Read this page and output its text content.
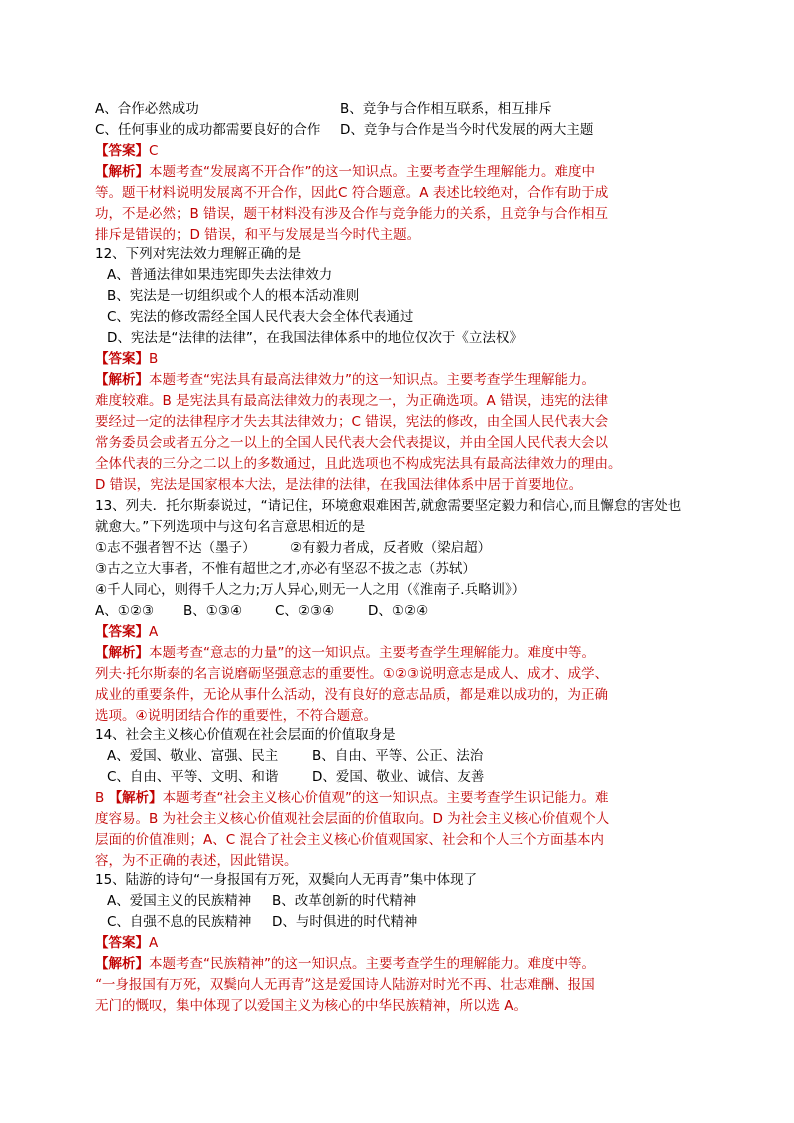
A、合作必然成功	B、竞争与合作相互联系，相互排斥
C、任何事业的成功都需要良好的合作 D、竞争与合作是当今时代发展的两大主题
【答案】C
【解析】本题考查“发展离不开合作”的这一知识点。主要考查学生理解能力。难度中
等。题干材料说明发展离不开合作，因此C 符合题意。A 表述比较绝对，合作有助于成
功，不是必然；B 错误，题干材料没有涉及合作与竞争能力的关系，且竞争与合作相互
排斥是错误的；D 错误，和平与发展是当今时代主题。
12、下列对宪法效力理解正确的是
A、普通法律如果违宪即失去法律效力
B、宪法是一切组织或个人的根本活动准则
C、宪法的修改需经全国人民代表大会全体代表通过
D、宪法是“法律的法律”，在我国法律体系中的地位仅次于《立法权》
【答案】B
【解析】本题考查“宪法具有最高法律效力”的这一知识点。主要考查学生理解能力。
难度较难。B 是宪法具有最高法律效力的表现之一，为正确选项。A 错误，违宪的法律
要经过一定的法律程序才失去其法律效力；C 错误，宪法的修改，由全国人民代表大会
常务委员会或者五分之一以上的全国人民代表大会代表提议，并由全国人民代表大会以
全体代表的三分之二以上的多数通过，且此选项也不构成宪法具有最高法律效力的理由。
D 错误，宪法是国家根本大法，是法律的法律，在我国法律体系中居于首要地位。
13、列夫．托尔斯泰说过，“请记住，环境愈艰难困苦,就愈需要坚定毅力和信心,而且懈怠的害处也
就愈大。”下列选项中与这句名言意思相近的是
①志不强者智不达（墨子）	②有毅力者成，反者败（梁启超）
③古之立大事者，不惟有超世之才,亦必有坚忍不拔之志（苏轼）
④千人同心，则得千人之力;万人异心,则无一人之用（《淮南子.兵略训》）
A、①②③ B、①③④ C、②③④	D、①②④
【答案】A
【解析】本题考查“意志的力量”的这一知识点。主要考查学生理解能力。难度中等。
列夫·托尔斯泰的名言说磨砺坚强意志的重要性。①②③说明意志是成人、成才、成学、
成业的重要条件，无论从事什么活动，没有良好的意志品质，都是难以成功的，为正确
选项。④说明团结合作的重要性，不符合题意。
14、社会主义核心价值观在社会层面的价值取身是
A、爱国、敬业、富强、民主	B、自由、平等、公正、法治
C、自由、平等、文明、和谐 D、爱国、敬业、诚信、友善
B 【解析】本题考查“社会主义核心价值观”的这一知识点。主要考查学生识记能力。难
度容易。B 为社会主义核心价值观社会层面的价值取向。D 为社会主义核心价值观个人
层面的价值准则；A、C 混合了社会主义核心价值观国家、社会和个人三个方面基本内
容，为不正确的表述，因此错误。
15、陆游的诗句“一身报国有万死，双鬓向人无再青”集中体现了
A、爱国主义的民族精神 B、改革创新的时代精神
C、自强不息的民族精神 D、与时俱进的时代精神
【答案】A
【解析】本题考查“民族精神”的这一知识点。主要考查学生的理解能力。难度中等。
“一身报国有万死，双鬓向人无再青”这是爱国诗人陆游对时光不再、壮志难酬、报国
无门的慨叹，集中体现了以爱国主义为核心的中华民族精神，所以选 A。
